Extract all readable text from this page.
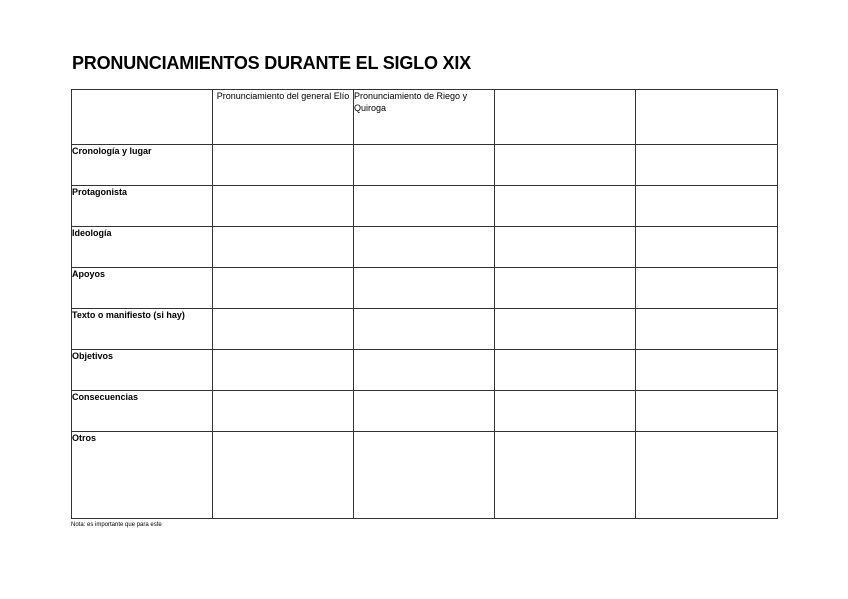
PRONUNCIAMIENTOS DURANTE EL SIGLO XIX
	Pronunciamiento del general Elío	Pronunciamiento de Riego y Quiroga		
Cronología y lugar				
Protagonista				
Ideología				
Apoyos				
Texto o manifiesto (si hay)				
Objetivos				
Consecuencias				
Otros				
Nota: es importante que para este
